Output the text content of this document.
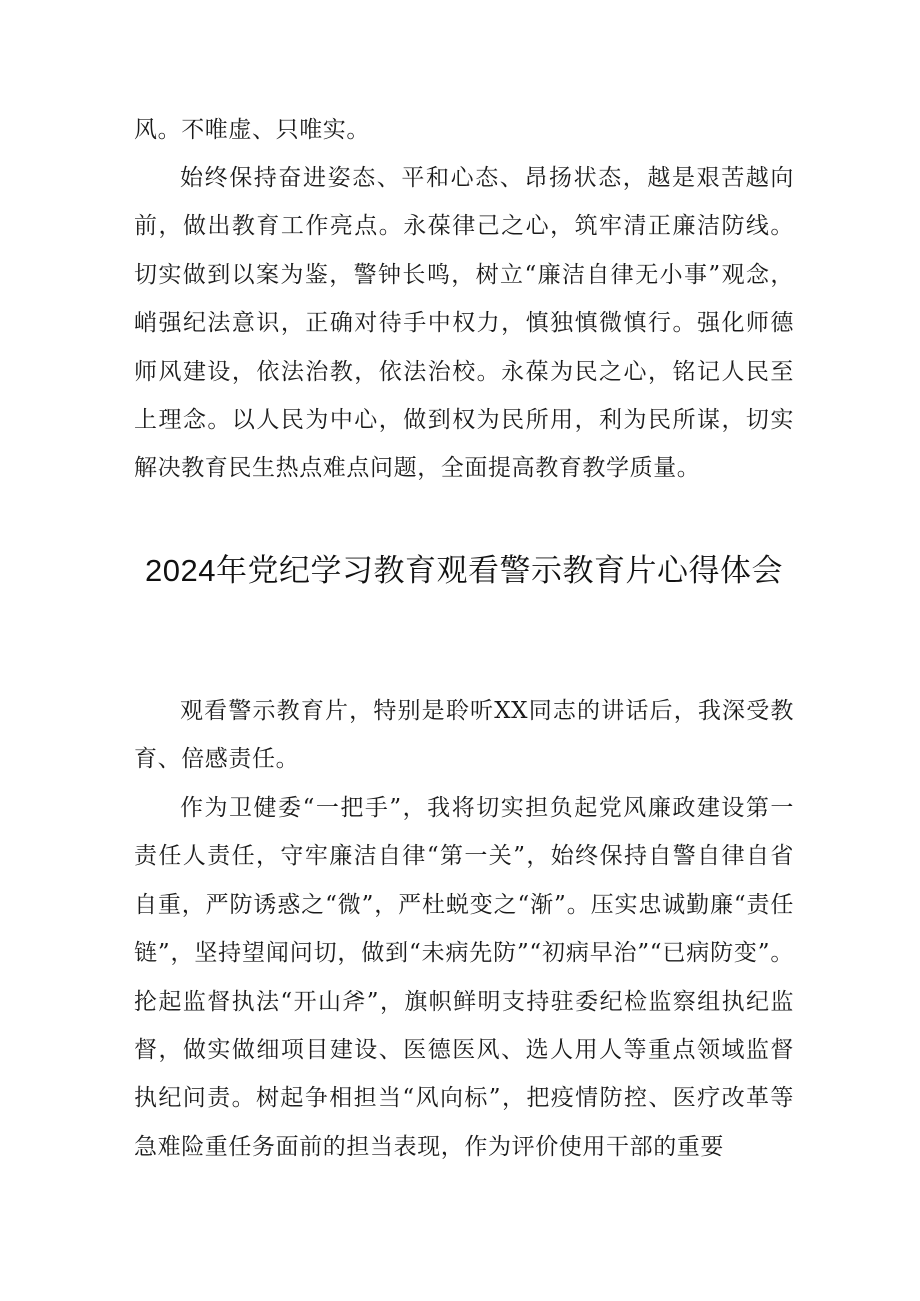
风。不唯虚、只唯实。

始终保持奋进姿态、平和心态、昂扬状态，越是艰苦越向前，做出教育工作亮点。永葆律己之心，筑牢清正廉洁防线。切实做到以案为鉴，警钟长鸣，树立“廉洁自律无小事”观念，峭强纪法意识，正确对待手中权力，慎独慎微慎行。强化师德师风建设，依法治教，依法治校。永葆为民之心，铭记人民至上理念。以人民为中心，做到权为民所用，利为民所谋，切实解决教育民生热点难点问题，全面提高教育教学质量。

2024年党纪学习教育观看警示教育片心得体会

观看警示教育片，特别是聆听XX同志的讲话后，我深受教育、倍感责任。

作为卫健委“一把手”，我将切实担负起党风廉政建设第一责任人责任，守牢廉洁自律“第一关”，始终保持自警自律自省自重，严防诱惑之“微”，严杜蜕变之“渐”。压实忠诚勤廉“责任链”，坚持望闻问切，做到“未病先防”“初病早治”“已病防变”。抡起监督执法“开山斧”，旗帜鲜明支持驻委纪检监察组执纪监督，做实做细项目建设、医德医风、选人用人等重点领域监督执纪问责。树起争相担当“风向标”，把疫情防控、医疗改革等急难险重任务面前的担当表现，作为评价使用干部的重要
